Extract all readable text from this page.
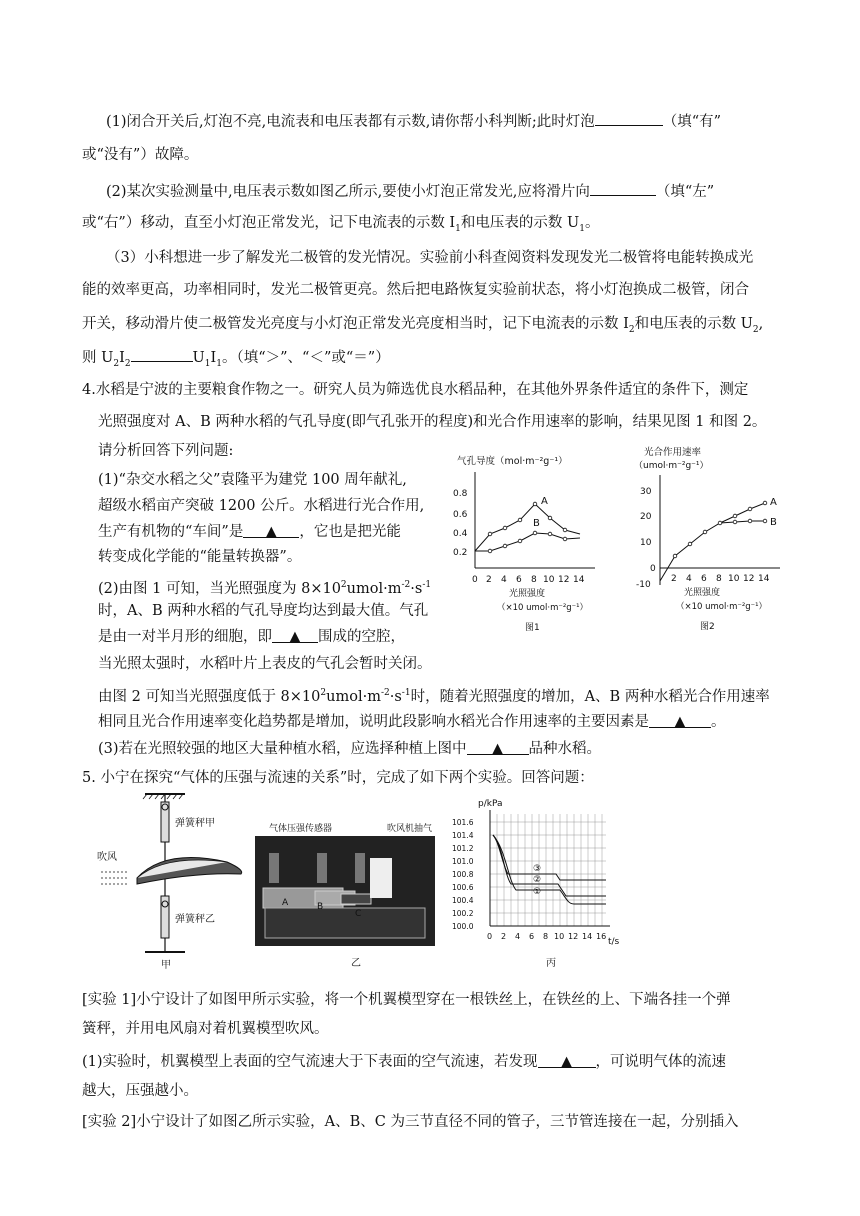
(1)闭合开关后,灯泡不亮,电流表和电压表都有示数,请你帮小科判断;此时灯泡	（填“有”
或“没有”）故障。
(2)某次实验测量中,电压表示数如图乙所示,要使小灯泡正常发光,应将滑片向	（填“左”
或“右”）移动，直至小灯泡正常发光，记下电流表的示数 $I_1$和电压表的示数 $U_1$。
（3）小科想进一步了解发光二极管的发光情况。实验前小科查阅资料发现发光二极管将电能转换成光
能的效率更高，功率相同时，发光二极管更亮。然后把电路恢复实验前状态，将小灯泡换成二极管，闭合
开关，移动滑片使二极管发光亮度与小灯泡正常发光亮度相当时，记下电流表的示数 $I_2$和电压表的示数 $U_2$,
则 $U_2I_2$	$U_1I_1$。（填“＞”、“＜”或“＝”）
4.水稻是宁波的主要粮食作物之一。研究人员为筛选优良水稻品种，在其他外界条件适宜的条件下，测定
光照强度对 A、B 两种水稻的气孔导度(即气孔张开的程度)和光合作用速率的影响，结果见图 1 和图 2。
请分析回答下列问题:
(1)“杂交水稻之父”袁隆平为建党 100 周年献礼,
超级水稻亩产突破 1200 公斤。水稻进行光合作用,
生产有机物的“车间”是 ▲ ，它也是把光能
转变成化学能的“能量转换器”。
(2)由图 1 可知，当光照强度为 $8\times 10^2umol\cdot m^{-2}\cdot s^{-1}$
时，A、B 两种水稻的气孔导度均达到最大值。气孔
是由一对半月形的细胞，即 ▲ 围成的空腔，
当光照太强时，水稻叶片上表皮的气孔会暂时关闭。
由图 2 可知当光照强度低于 $8\times 10^2umol\cdot m^{-2}\cdot s^{-1}$时，随着光照强度的增加，A、B 两种水稻光合作用速率
相同且光合作用速率变化趋势都是增加，说明此段影响水稻光合作用速率的主要因素是 ▲ 。
(3)若在光照较强的地区大量种植水稻，应选择种植上图中 ▲ 品种水稻。
气孔导度（mol·m⁻²g⁻¹）
0.8
0.6
0.4
0.2
0 2 4 6 8 10 12 14
A
B
光照强度
（×10 umol·m⁻²g⁻¹）
图1
光合作用速率
（umol·m⁻²g⁻¹）
30
20
10
0
-10
2 4 6 8 10 12 14
A
B
光照强度
（×10 umol·m⁻²g⁻¹）
图2
5. 小宁在探究“气体的压强与流速的关系”时，完成了如下两个实验。回答问题：
弹簧秤甲
吹风
弹簧秤乙
甲
气体压强传感器	吹风机抽气
A	B
C
乙
p/kPa
101.6
101.4
101.2
101.0
100.8
100.6
100.4
100.2
100.0
0 2 4 6 8 10 12 14 16
t/s
③
②
①
丙
[实验 1]小宁设计了如图甲所示实验，将一个机翼模型穿在一根铁丝上，在铁丝的上、下端各挂一个弹
簧秤，并用电风扇对着机翼模型吹风。
(1)实验时，机翼模型上表面的空气流速大于下表面的空气流速，若发现 ▲ ，可说明气体的流速
越大，压强越小。
[实验 2]小宁设计了如图乙所示实验，A、B、C 为三节直径不同的管子，三节管连接在一起，分别插入
